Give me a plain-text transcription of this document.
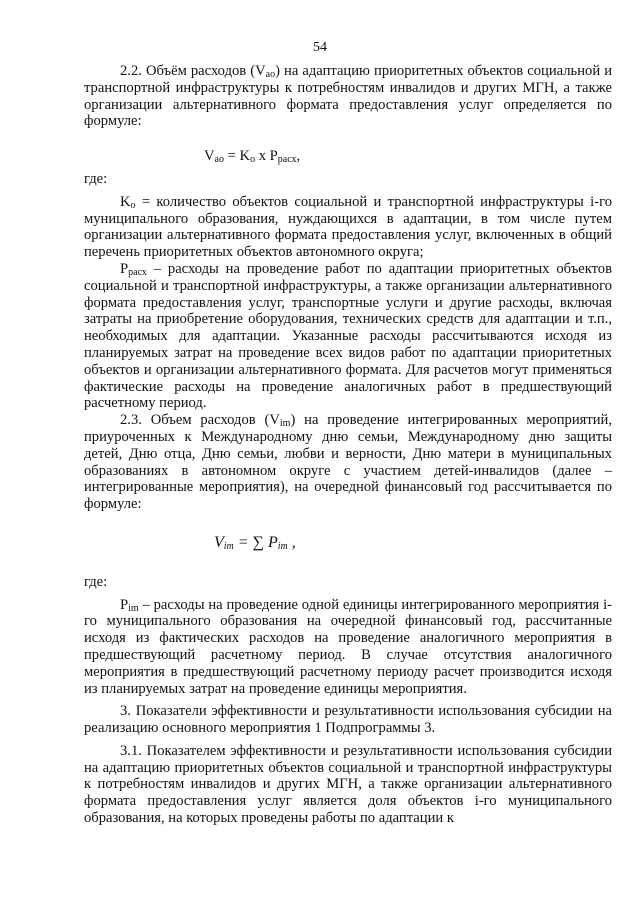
54

2.2. Объём расходов $(V_{ао})$ на адаптацию приоритетных объектов социальной и транспортной инфраструктуры к потребностям инвалидов и других МГН, а также организации альтернативного формата предоставления услуг определяется по формуле:

$V_{ао} = K_о$ x $P_{расх}$,

где:

$K_о$ = количество объектов социальной и транспортной инфраструктуры i-го муниципального образования, нуждающихся в адаптации, в том числе путем организации альтернативного формата предоставления услуг, включенных в общий перечень приоритетных объектов автономного округа;

$Р_{расх}$ – расходы на проведение работ по адаптации приоритетных объектов социальной и транспортной инфраструктуры, а также организации альтернативного формата предоставления услуг, транспортные услуги и другие расходы, включая затраты на приобретение оборудования, технических средств для адаптации и т.п., необходимых для адаптации. Указанные расходы рассчитываются исходя из планируемых затрат на проведение всех видов работ по адаптации приоритетных объектов и организации альтернативного формата. Для расчетов могут применяться фактические расходы на проведение аналогичных работ в предшествующий расчетному период.

2.3. Объем расходов $(V_{im})$ на проведение интегрированных мероприятий, приуроченных к Международному дню семьи, Международному дню защиты детей, Дню отца, Дню семьи, любви и верности, Дню матери в муниципальных образованиях в автономном округе с участием детей-инвалидов (далее – интегрированные мероприятия), на очередной финансовый год рассчитывается по формуле:

$V_{im}$ = ∑ $P_{im}$ ,

где:

$P_{im}$ – расходы на проведение одной единицы интегрированного мероприятия i-го муниципального образования на очередной финансовый год, рассчитанные исходя из фактических расходов на проведение аналогичного мероприятия в предшествующий расчетному период. В случае отсутствия аналогичного мероприятия в предшествующий расчетному периоду расчет производится исходя из планируемых затрат на проведение единицы мероприятия.

3. Показатели эффективности и результативности использования субсидии на реализацию основного мероприятия 1 Подпрограммы 3.

3.1. Показателем эффективности и результативности использования субсидии на адаптацию приоритетных объектов социальной и транспортной инфраструктуры к потребностям инвалидов и других МГН, а также организации альтернативного формата предоставления услуг является доля объектов i-го муниципального образования, на которых проведены работы по адаптации к
